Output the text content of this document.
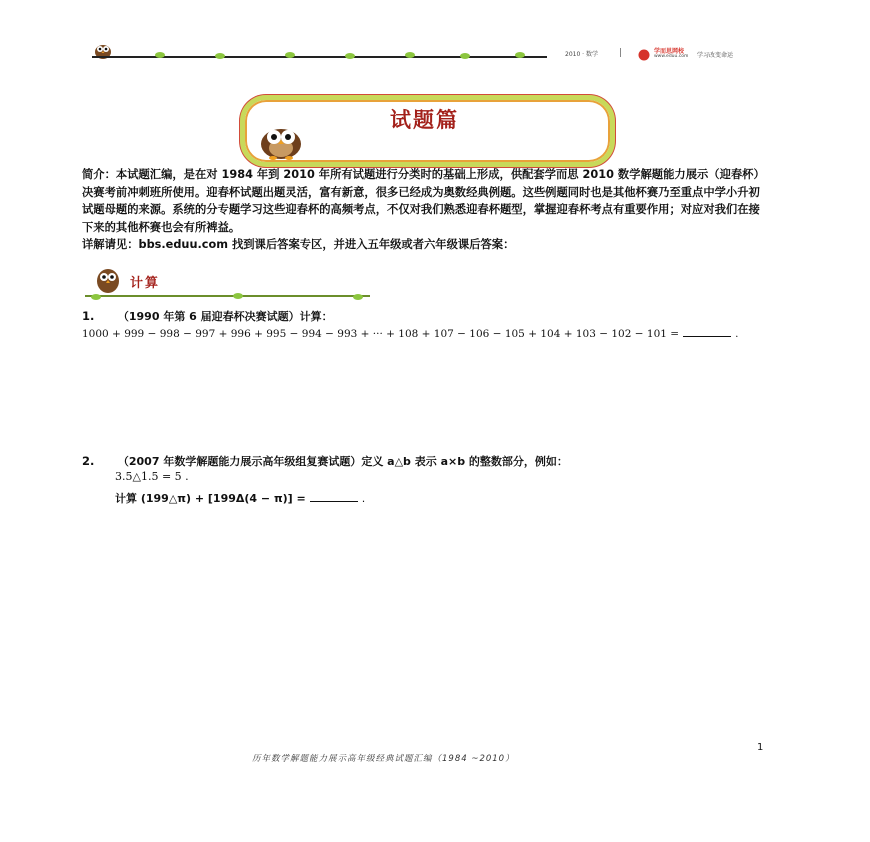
2010 · 数学	学而思网校
www.eduu.com 学习改变命运
试题篇
简介：本试题汇编，是在对 1984 年到 2010 年所有试题进行分类时的基础上形成，供配套学而思 2010 数学解题能力展示（迎春杯）决赛考前冲刺班所使用。迎春杯试题出题灵活，富有新意，很多已经成为奥数经典例题。这些例题同时也是其他杯赛乃至重点中学小升初试题母题的来源。系统的分专题学习这些迎春杯的高频考点，不仅对我们熟悉迎春杯题型，掌握迎春杯考点有重要作用；对应对我们在接下来的其他杯赛也会有所裨益。
详解请见：bbs.eduu.com 找到课后答案专区，并进入五年级或者六年级课后答案：
计算
1. （1990 年第 6 届迎春杯决赛试题）计算：
1000 + 999 − 998 − 997 + 996 + 995 − 994 − 993 + ··· + 108 + 107 − 106 − 105 + 104 + 103 − 102 − 101 =	.
2. （2007 年数学解题能力展示高年级组复赛试题）定义 a△b 表示 a×b 的整数部分，例如：
3.5△1.5 = 5 .
计算 (199△π) + [199Δ(4 − π)] =	.
1
历年数学解题能力展示高年级经典试题汇编（1984 ~2010）
